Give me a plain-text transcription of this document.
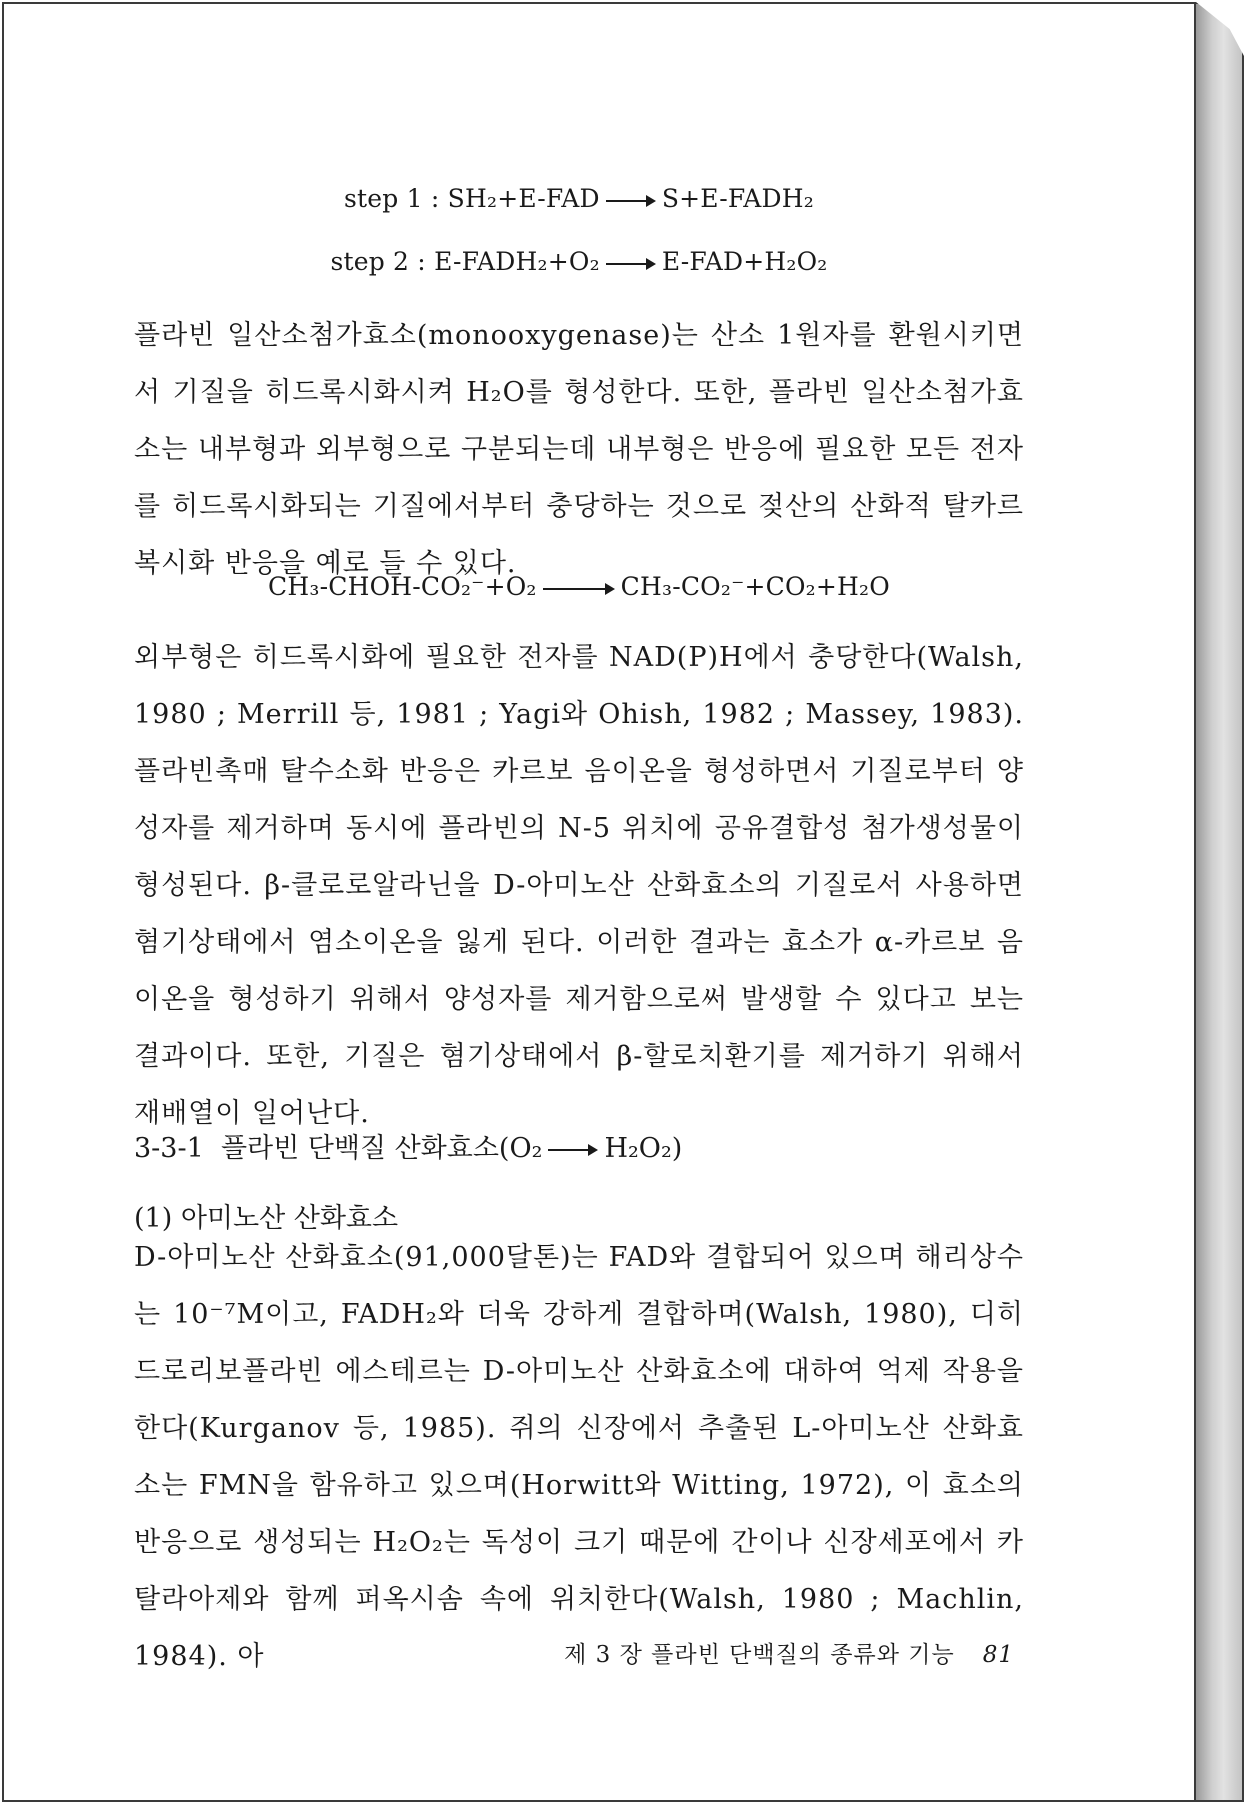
step 1 : SH₂+E-FAD S+E-FADH₂
step 2 : E-FADH₂+O₂ E-FAD+H₂O₂
플라빈 일산소첨가효소(monooxygenase)는 산소 1원자를 환원시키면서 기질을 히드록시화시켜 H₂O를 형성한다. 또한, 플라빈 일산소첨가효소는 내부형과 외부형으로 구분되는데 내부형은 반응에 필요한 모든 전자를 히드록시화되는 기질에서부터 충당하는 것으로 젖산의 산화적 탈카르복시화 반응을 예로 들 수 있다.
CH₃-CHOH-CO₂⁻+O₂	CH₃-CO₂⁻+CO₂+H₂O
외부형은 히드록시화에 필요한 전자를 NAD(P)H에서 충당한다(Walsh, 1980 ; Merrill 등, 1981 ; Yagi와 Ohish, 1982 ; Massey, 1983). 플라빈촉매 탈수소화 반응은 카르보 음이온을 형성하면서 기질로부터 양성자를 제거하며 동시에 플라빈의 N-5 위치에 공유결합성 첨가생성물이 형성된다. β-클로로알라닌을 D-아미노산 산화효소의 기질로서 사용하면 혐기상태에서 염소이온을 잃게 된다. 이러한 결과는 효소가 α-카르보 음이온을 형성하기 위해서 양성자를 제거함으로써 발생할 수 있다고 보는 결과이다. 또한, 기질은 혐기상태에서 β-할로치환기를 제거하기 위해서 재배열이 일어난다.
3-3-1  플라빈 단백질 산화효소(O₂ H₂O₂)
(1) 아미노산 산화효소
D-아미노산 산화효소(91,000달톤)는 FAD와 결합되어 있으며 해리상수는 10⁻⁷M이고, FADH₂와 더욱 강하게 결합하며(Walsh, 1980), 디히드로리보플라빈 에스테르는 D-아미노산 산화효소에 대하여 억제 작용을 한다(Kurganov 등, 1985). 쥐의 신장에서 추출된 L-아미노산 산화효소는 FMN을 함유하고 있으며(Horwitt와 Witting, 1972), 이 효소의 반응으로 생성되는 H₂O₂는 독성이 크기 때문에 간이나 신장세포에서 카탈라아제와 함께 퍼옥시솜 속에 위치한다(Walsh, 1980 ; Machlin, 1984). 아	제 3 장 플라빈 단백질의 종류와 기능 81
